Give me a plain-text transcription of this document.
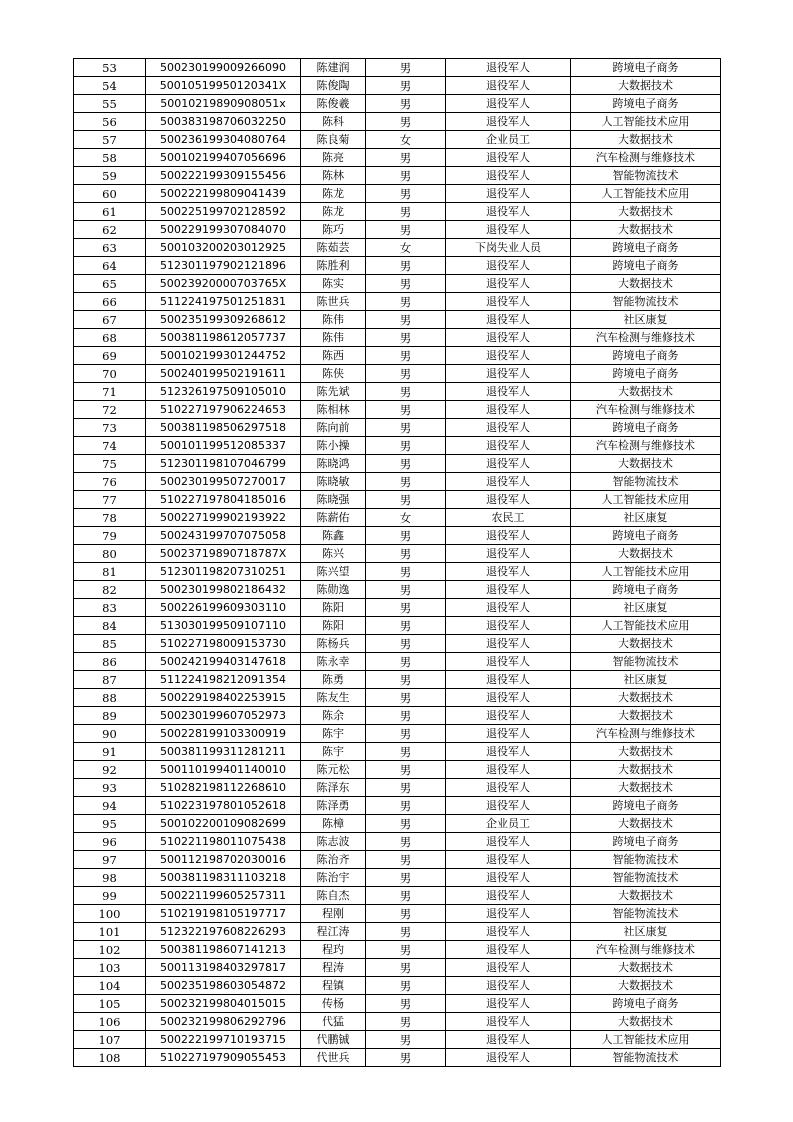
53	500230199009266090	陈建润	男	退役军人	跨境电子商务
54	50010519950120341X	陈俊陶	男	退役军人	大数据技术
55	50010219890908051x	陈俊羲	男	退役军人	跨境电子商务
56	500383198706032250	陈科	男	退役军人	人工智能技术应用
57	500236199304080764	陈良菊	女	企业员工	大数据技术
58	500102199407056696	陈亮	男	退役军人	汽车检测与维修技术
59	500222199309155456	陈林	男	退役军人	智能物流技术
60	500222199809041439	陈龙	男	退役军人	人工智能技术应用
61	500225199702128592	陈龙	男	退役军人	大数据技术
62	500229199307084070	陈巧	男	退役军人	大数据技术
63	500103200203012925	陈茹芸	女	下岗失业人员	跨境电子商务
64	512301197902121896	陈胜利	男	退役军人	跨境电子商务
65	50023920000703765X	陈实	男	退役军人	大数据技术
66	511224197501251831	陈世兵	男	退役军人	智能物流技术
67	500235199309268612	陈伟	男	退役军人	社区康复
68	500381198612057737	陈伟	男	退役军人	汽车检测与维修技术
69	500102199301244752	陈西	男	退役军人	跨境电子商务
70	500240199502191611	陈侠	男	退役军人	跨境电子商务
71	512326197509105010	陈先斌	男	退役军人	大数据技术
72	510227197906224653	陈相林	男	退役军人	汽车检测与维修技术
73	500381198506297518	陈向前	男	退役军人	跨境电子商务
74	500101199512085337	陈小操	男	退役军人	汽车检测与维修技术
75	512301198107046799	陈晓鸿	男	退役军人	大数据技术
76	500230199507270017	陈晓敏	男	退役军人	智能物流技术
77	510227197804185016	陈晓强	男	退役军人	人工智能技术应用
78	500227199902193922	陈薪佑	女	农民工	社区康复
79	500243199707075058	陈鑫	男	退役军人	跨境电子商务
80	50023719890718787X	陈兴	男	退役军人	大数据技术
81	512301198207310251	陈兴望	男	退役军人	人工智能技术应用
82	500230199802186432	陈勋逸	男	退役军人	跨境电子商务
83	500226199609303110	陈阳	男	退役军人	社区康复
84	513030199509107110	陈阳	男	退役军人	人工智能技术应用
85	510227198009153730	陈杨兵	男	退役军人	大数据技术
86	500242199403147618	陈永幸	男	退役军人	智能物流技术
87	511224198212091354	陈勇	男	退役军人	社区康复
88	500229198402253915	陈友生	男	退役军人	大数据技术
89	500230199607052973	陈余	男	退役军人	大数据技术
90	500228199103300919	陈宇	男	退役军人	汽车检测与维修技术
91	500381199311281211	陈宇	男	退役军人	大数据技术
92	500110199401140010	陈元松	男	退役军人	大数据技术
93	510282198112268610	陈泽东	男	退役军人	大数据技术
94	510223197801052618	陈泽勇	男	退役军人	跨境电子商务
95	500102200109082699	陈樟	男	企业员工	大数据技术
96	510221198011075438	陈志波	男	退役军人	跨境电子商务
97	500112198702030016	陈治齐	男	退役军人	智能物流技术
98	500381198311103218	陈治宇	男	退役军人	智能物流技术
99	500221199605257311	陈自杰	男	退役军人	大数据技术
100	510219198105197717	程刚	男	退役军人	智能物流技术
101	512322197608226293	程江涛	男	退役军人	社区康复
102	500381198607141213	程玓	男	退役军人	汽车检测与维修技术
103	500113198403297817	程涛	男	退役军人	大数据技术
104	500235198603054872	程镇	男	退役军人	大数据技术
105	500232199804015015	传杨	男	退役军人	跨境电子商务
106	500232199806292796	代猛	男	退役军人	大数据技术
107	500222199710193715	代鹏铖	男	退役军人	人工智能技术应用
108	510227197909055453	代世兵	男	退役军人	智能物流技术
